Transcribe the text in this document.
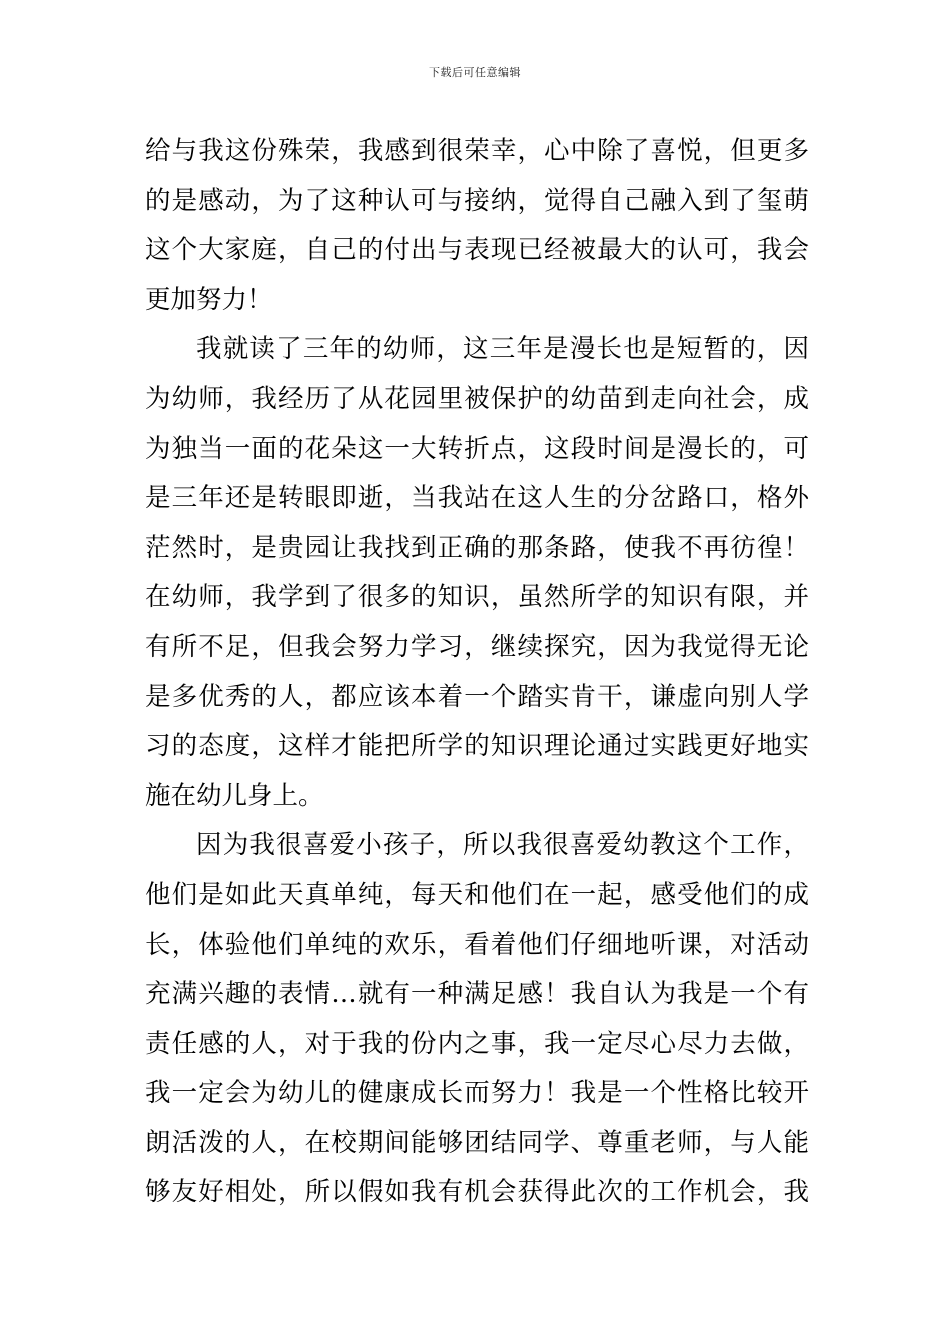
下载后可任意编辑
给与我这份殊荣，我感到很荣幸，心中除了喜悦，但更多
的是感动，为了这种认可与接纳，觉得自己融入到了玺萌
这个大家庭，自己的付出与表现已经被最大的认可，我会
更加努力！
我就读了三年的幼师，这三年是漫长也是短暂的，因
为幼师，我经历了从花园里被保护的幼苗到走向社会，成
为独当一面的花朵这一大转折点，这段时间是漫长的，可
是三年还是转眼即逝，当我站在这人生的分岔路口，格外
茫然时，是贵园让我找到正确的那条路，使我不再彷徨！
在幼师，我学到了很多的知识，虽然所学的知识有限，并
有所不足，但我会努力学习，继续探究，因为我觉得无论
是多优秀的人，都应该本着一个踏实肯干，谦虚向别人学
习的态度，这样才能把所学的知识理论通过实践更好地实
施在幼儿身上。
因为我很喜爱小孩子，所以我很喜爱幼教这个工作，
他们是如此天真单纯，每天和他们在一起，感受他们的成
长，体验他们单纯的欢乐，看着他们仔细地听课，对活动
充满兴趣的表情…就有一种满足感！我自认为我是一个有
责任感的人，对于我的份内之事，我一定尽心尽力去做，
我一定会为幼儿的健康成长而努力！我是一个性格比较开
朗活泼的人，在校期间能够团结同学、尊重老师，与人能
够友好相处，所以假如我有机会获得此次的工作机会，我
